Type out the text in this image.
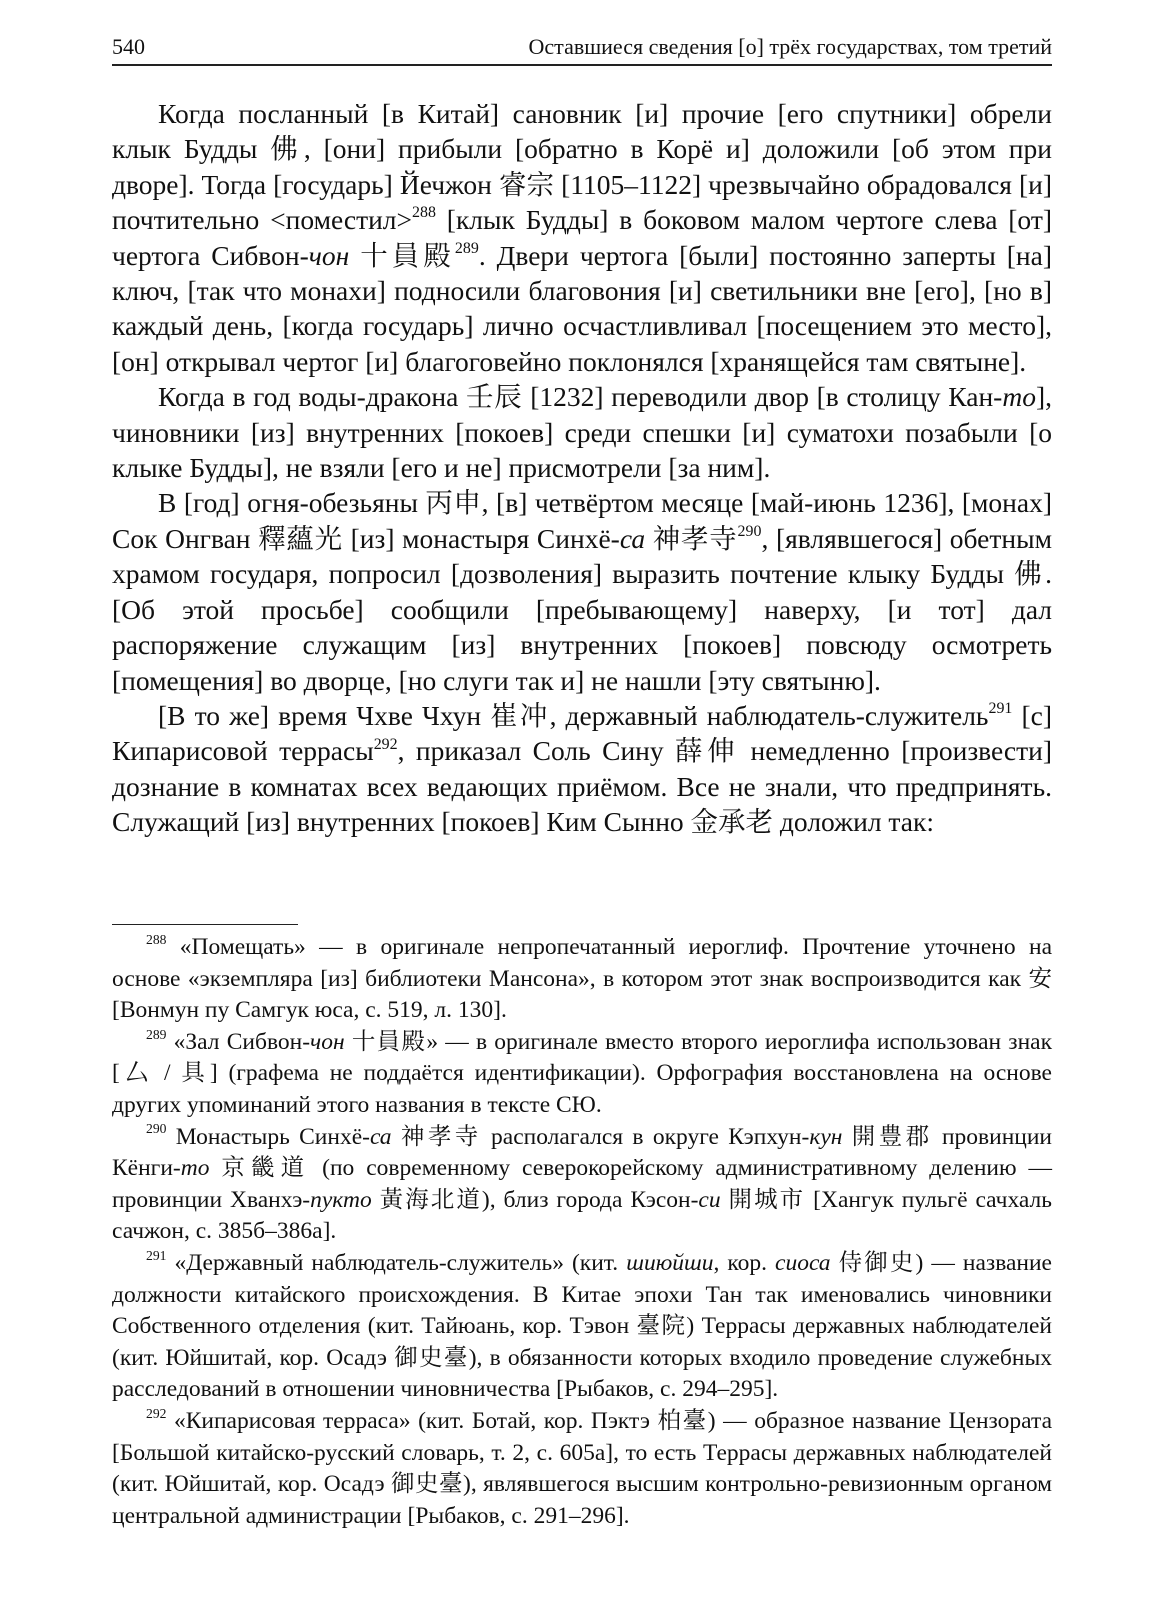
540	Оставшиеся сведения [о] трёх государствах, том третий

Когда посланный [в Китай] сановник [и] прочие [его спутники] обрели клык Будды 佛, [они] прибыли [обратно в Корё и] доложили [об этом при дворе]. Тогда [государь] Йечжон 睿宗 [1105–1122] чрезвычайно обрадовался [и] почтительно <поместил>$^{288}$ [клык Будды] в боковом малом чертоге слева [от] чертога Сибвон-чон 十員殿$^{289}$. Двери чертога [были] постоянно заперты [на] ключ, [так что монахи] подносили благовония [и] светильники вне [его], [но в] каждый день, [когда государь] лично осчастливливал [посещением это место], [он] открывал чертог [и] благоговейно поклонялся [хранящейся там святыне].

Когда в год воды-дракона 壬辰 [1232] переводили двор [в столицу Кан-то], чиновники [из] внутренних [покоев] среди спешки [и] суматохи позабыли [о клыке Будды], не взяли [его и не] присмотрели [за ним].

В [год] огня-обезьяны 丙申, [в] четвёртом месяце [май-июнь 1236], [монах] Сок Онгван 釋蘊光 [из] монастыря Синхё-са 神孝寺$^{290}$, [являвшегося] обетным храмом государя, попросил [дозволения] выразить почтение клыку Будды 佛. [Об этой просьбе] сообщили [пребывающему] наверху, [и тот] дал распоряжение служащим [из] внутренних [покоев] повсюду осмотреть [помещения] во дворце, [но слуги так и] не нашли [эту святыню].

[В то же] время Чхве Чхун 崔冲, державный наблюдатель-служитель$^{291}$ [с] Кипарисовой террасы$^{292}$, приказал Соль Сину 薛伸 немедленно [произвести] дознание в комнатах всех ведающих приёмом. Все не знали, что предпринять. Служащий [из] внутренних [покоев] Ким Сынно 金承老 доложил так:

$^{288}$ «Помещать» — в оригинале непропечатанный иероглиф. Прочтение уточнено на основе «экземпляра [из] библиотеки Мансона», в котором этот знак воспроизводится как 安 [Вонмун пу Самгук юса, с. 519, л. 130].

$^{289}$ «Зал Сибвон-чон 十員殿» — в оригинале вместо второго иероглифа использован знак [厶 / 具] (графема не поддаётся идентификации). Орфография восстановлена на основе других упоминаний этого названия в тексте СЮ.

$^{290}$ Монастырь Синхё-са 神孝寺 располагался в округе Кэпхун-кун 開豊郡 провинции Кёнги-то 京畿道 (по современному северокорейскому административному делению — провинции Хванхэ-пукто 黃海北道), близ города Кэсон-си 開城市 [Хангук пульгё сачхаль сачжон, с. 385б–386а].

$^{291}$ «Державный наблюдатель-служитель» (кит. шиюйши, кор. сиоса 侍御史) — название должности китайского происхождения. В Китае эпохи Тан так именовались чиновники Собственного отделения (кит. Тайюань, кор. Тэвон 臺院) Террасы державных наблюдателей (кит. Юйшитай, кор. Осадэ 御史臺), в обязанности которых входило проведение служебных расследований в отношении чиновничества [Рыбаков, с. 294–295].

$^{292}$ «Кипарисовая терраса» (кит. Ботай, кор. Пэктэ 柏臺) — образное название Цензората [Большой китайско-русский словарь, т. 2, с. 605а], то есть Террасы державных наблюдателей (кит. Юйшитай, кор. Осадэ 御史臺), являвшегося высшим контрольно-ревизионным органом центральной администрации [Рыбаков, с. 291–296].
